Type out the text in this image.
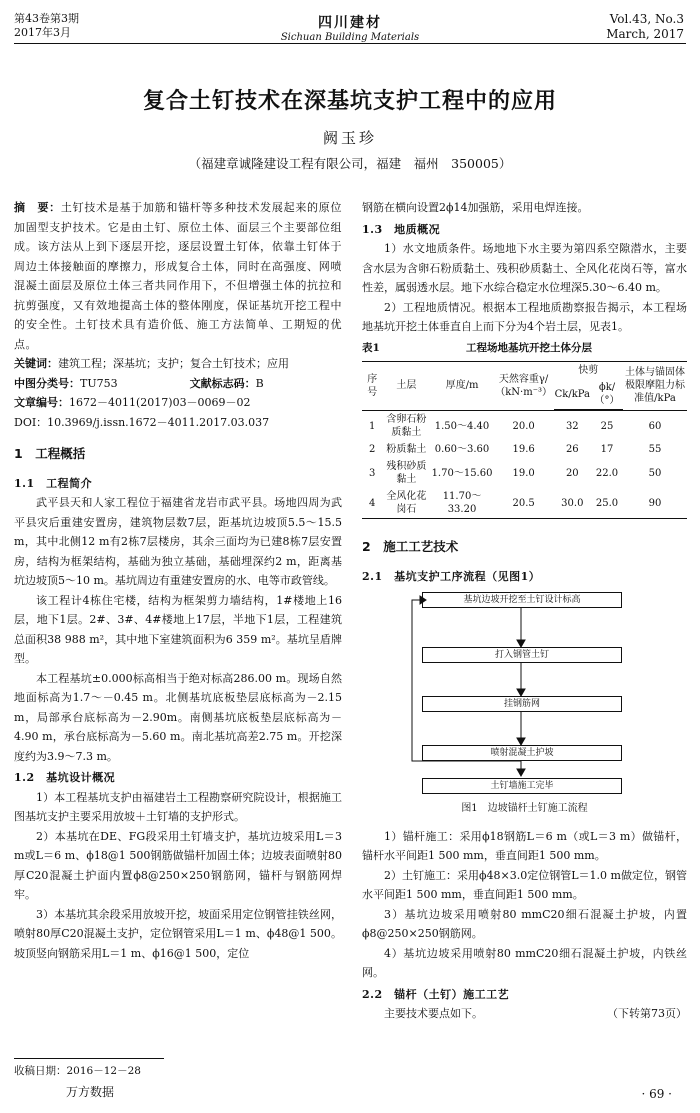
第43卷第3期
2017年3月
四川建材
Sichuan Building Materials
Vol.43, No.3
March, 2017
复合土钉技术在深基坑支护工程中的应用
阙玉珍
（福建章诚隆建设工程有限公司，福建　福州　350005）

摘　要：土钉技术是基于加筋和锚杆等多种技术发展起来的原位加固型支护技术。它是由土钉、原位土体、面层三个主要部位组成。该方法从上到下逐层开挖，逐层设置土钉体，依靠土钉体于周边土体接触面的摩擦力，形成复合土体，同时在高强度、网喷混凝土面层及原位土体三者共同作用下，不但增强土体的抗拉和抗剪强度，又有效地提高土体的整体刚度，保证基坑开挖工程中的安全性。土钉技术具有造价低、施工方法简单、工期短的优点。

关键词：建筑工程；深基坑；支护；复合土钉技术；应用

中图分类号：TU753	文献标志码：B

文章编号：1672－4011(2017)03－0069－02

DOI：10.3969/j.issn.1672－4011.2017.03.037

1　工程概括
1.1　工程简介

武平县天和人家工程位于福建省龙岩市武平县。场地四周为武平县灾后重建安置房，建筑物层数7层，距基坑边坡顶5.5～15.5 m，其中北侧12 m有2栋7层楼房，其余三面均为已建8栋7层安置房，结构为框架结构，基础为独立基础，基础埋深约2 m，距离基坑边坡顶5～10 m。基坑周边有重建安置房的水、电等市政管线。

该工程计4栋住宅楼，结构为框架剪力墙结构，1#楼地上16层，地下1层。2#、3#、4#楼地上17层，半地下1层，工程建筑总面积38 988 m²，其中地下室建筑面积为6 359 m²。基坑呈盾牌型。

本工程基坑±0.000标高相当于绝对标高286.00 m。现场自然地面标高为1.7～－0.45 m。北侧基坑底板垫层底标高为－2.15 m，局部承台底标高为－2.90m。南侧基坑底板垫层底标高为－4.90 m，承台底标高为－5.60 m。南北基坑高差2.75 m。开挖深度约为3.9～7.3 m。

1.2　基坑设计概况

1）本工程基坑支护由福建岩土工程勘察研究院设计，根据施工图基坑支护主要采用放坡＋土钉墙的支护形式。

2）本基坑在DE、FG段采用土钉墙支护，基坑边坡采用L＝3 m或L＝6 m、ϕ18@1 500钢筋做锚杆加固土体；边坡表面喷射80厚C20混凝土护面内置ϕ8@250×250钢筋网，锚杆与钢筋网焊牢。

3）本基坑其余段采用放坡开挖，坡面采用定位钢管挂铁丝网，喷射80厚C20混凝土支护，定位钢管采用L＝1 m、ϕ48@1 500。坡顶竖向钢筋采用L＝1 m、ϕ16@1 500，定位

钢筋在横向设置2ϕ14加强筋，采用电焊连接。

1.3　地质概况

1）水文地质条件。场地地下水主要为第四系空隙潜水，主要含水层为含卵石粉质黏土、残积砂质黏土、全风化花岗石等，富水性差，属弱透水层。地下水综合稳定水位埋深5.30～6.40 m。

2）工程地质情况。根据本工程地质勘察报告揭示，本工程场地基坑开挖土体垂直自上而下分为4个岩土层，见表1。

表1	工程场地基坑开挖土体分层
序号	土层	厚度/m	天然容重γ/（kN·m⁻³）	快剪		土体与锚固体极限摩阻力标准值/kPa
				Ck/kPa	ϕk/（°）	

1	含卵石粉质黏土	1.50～4.40	20.0	32	25	60
2	粉质黏土	0.60～3.60	19.6	26	17	55
3	残积砂质黏土	1.70～15.60	19.0	20	22.0	50
4	全风化花岗石	11.70～33.20	20.5	30.0	25.0	90
2　施工工艺技术
2.1　基坑支护工序流程（见图1）
基坑边坡开挖至土钉设计标高
打入钢管土钉
挂钢筋网
喷射混凝土护坡
土钉墙施工完毕
图1　边坡锚杆土钉施工流程

1）锚杆施工：采用ϕ18钢筋L＝6 m（或L＝3 m）做锚杆，锚杆水平间距1 500 mm，垂直间距1 500 mm。

2）土钉施工：采用ϕ48×3.0定位钢管L＝1.0 m做定位，钢管水平间距1 500 mm，垂直间距1 500 mm。

3）基坑边坡采用喷射80 mmC20细石混凝土护坡，内置ϕ8@250×250钢筋网。

4）基坑边坡采用喷射80 mmC20细石混凝土护坡，内铁丝网。

2.2　锚杆（土钉）施工工艺

主要技术要点如下。	（下转第73页）

收稿日期：2016－12－28
万方数据	· 69 ·
